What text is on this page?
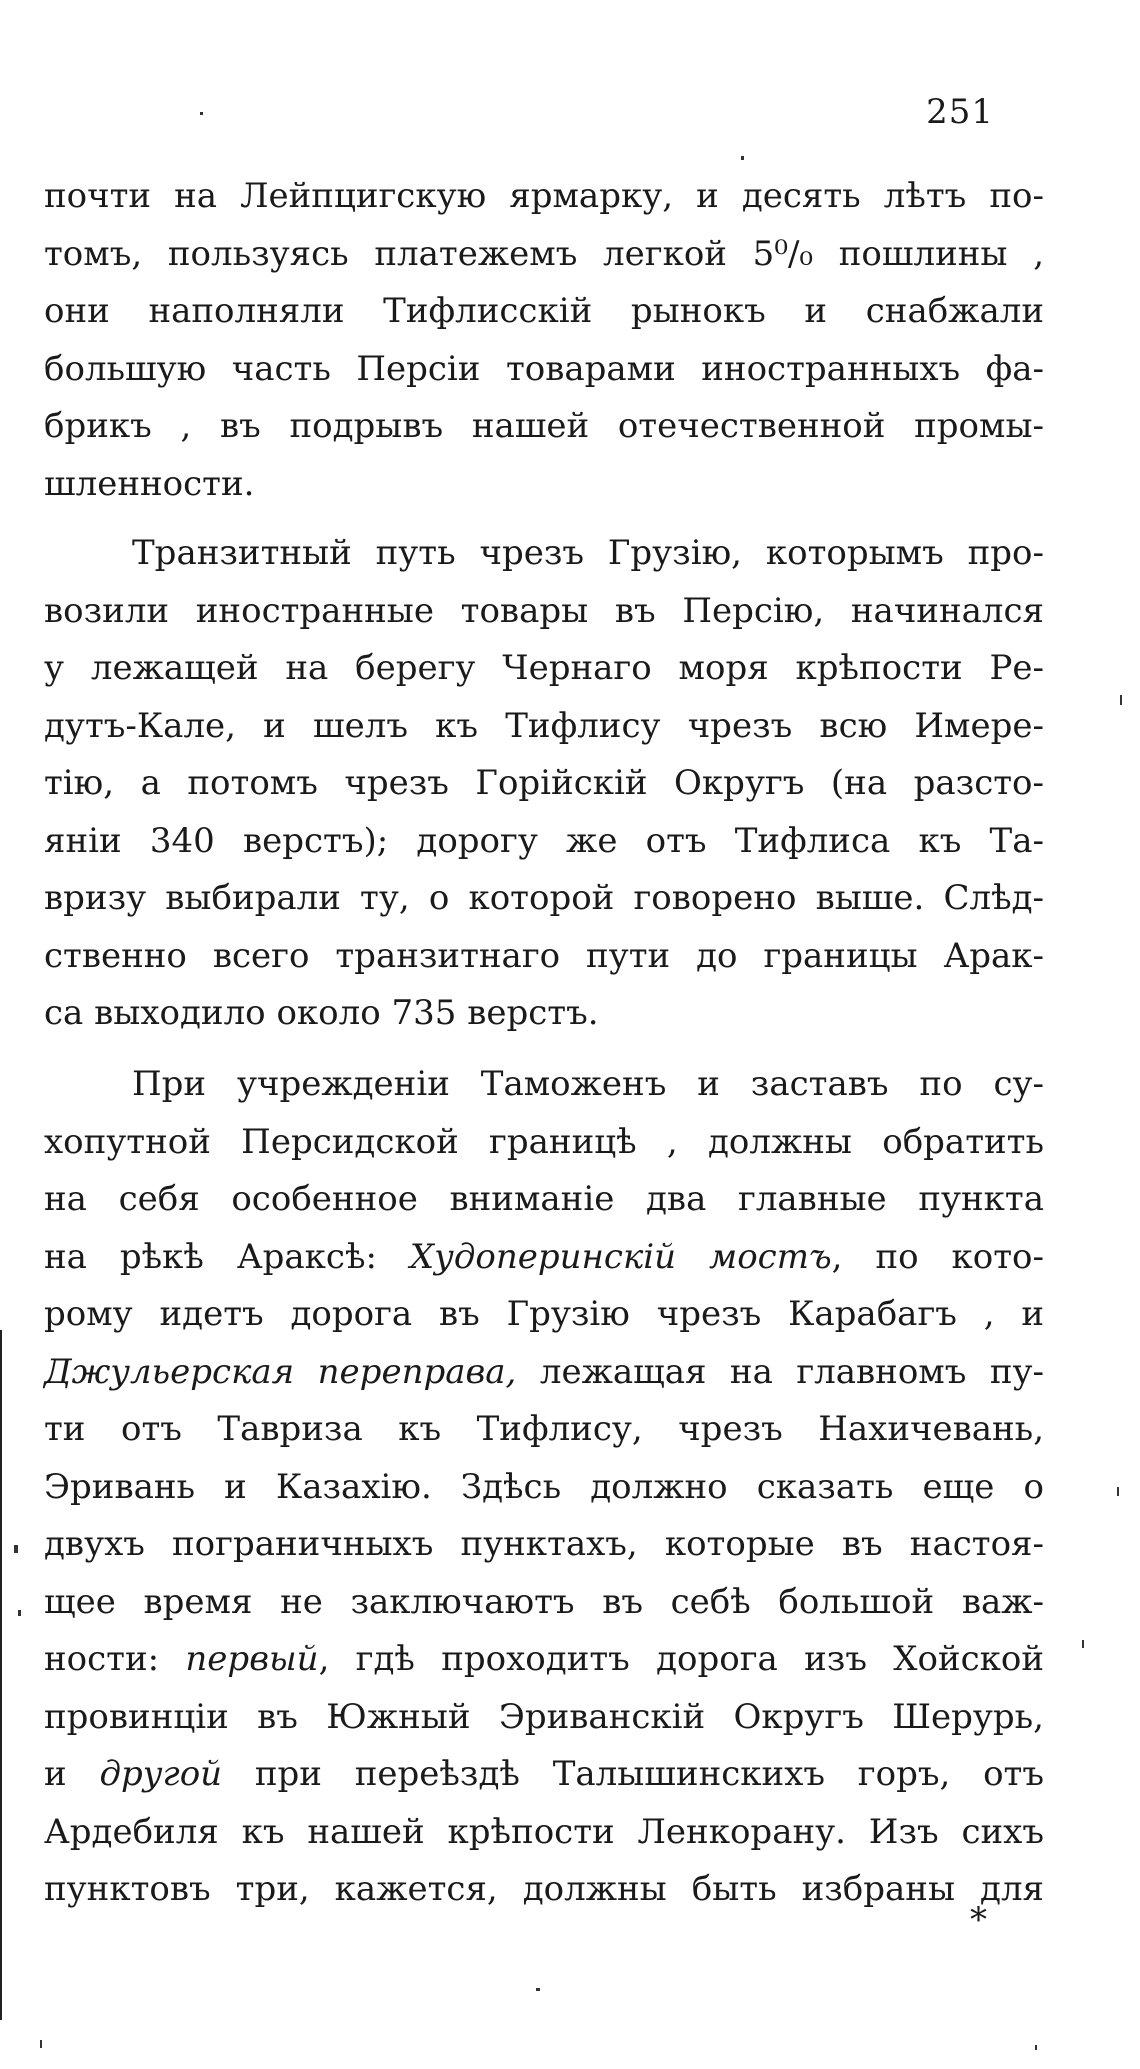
251
почти на Лейпцигскую ярмарку, и десять лѣтъ по-
томъ, пользуясь платежемъ легкой 5⁰/₀ пошлины ,
они наполняли Тифлисскій рынокъ и снабжали
большую часть Персіи товарами иностранныхъ фа-
брикъ , въ подрывъ нашей отечественной промы-
шленности.
Транзитный путь чрезъ Грузію, которымъ про-
возили иностранные товары въ Персію, начинался
у лежащей на берегу Чернаго моря крѣпости Ре-
дутъ-Кале, и шелъ къ Тифлису чрезъ всю Имере-
тію, а потомъ чрезъ Горійскій Округъ (на разсто-
яніи 340 верстъ); дорогу же отъ Тифлиса къ Та-
вризу выбирали ту, о которой говорено выше. Слѣд-
ственно всего транзитнаго пути до границы Арак-
са выходило около 735 верстъ.
При учрежденіи Таможенъ и заставъ по су-
хопутной Персидской границѣ , должны обратить
на себя особенное вниманіе два главные пункта
на рѣкѣ Араксѣ: Худоперинскій мостъ, по кото-
рому идетъ дорога въ Грузію чрезъ Карабагъ , и
Джульерская переправа, лежащая на главномъ пу-
ти отъ Тавриза къ Тифлису, чрезъ Нахичевань,
Эривань и Казахію. Здѣсь должно сказать еще о
двухъ пограничныхъ пунктахъ, которые въ настоя-
щее время не заключаютъ въ себѣ большой важ-
ности: первый, гдѣ проходитъ дорога изъ Хойской
провинціи въ Южный Эриванскій Округъ Шерурь,
и другой при переѣздѣ Талышинскихъ горъ, отъ
Ардебиля къ нашей крѣпости Ленкорану. Изъ сихъ
пунктовъ три, кажется, должны быть избраны для
*
